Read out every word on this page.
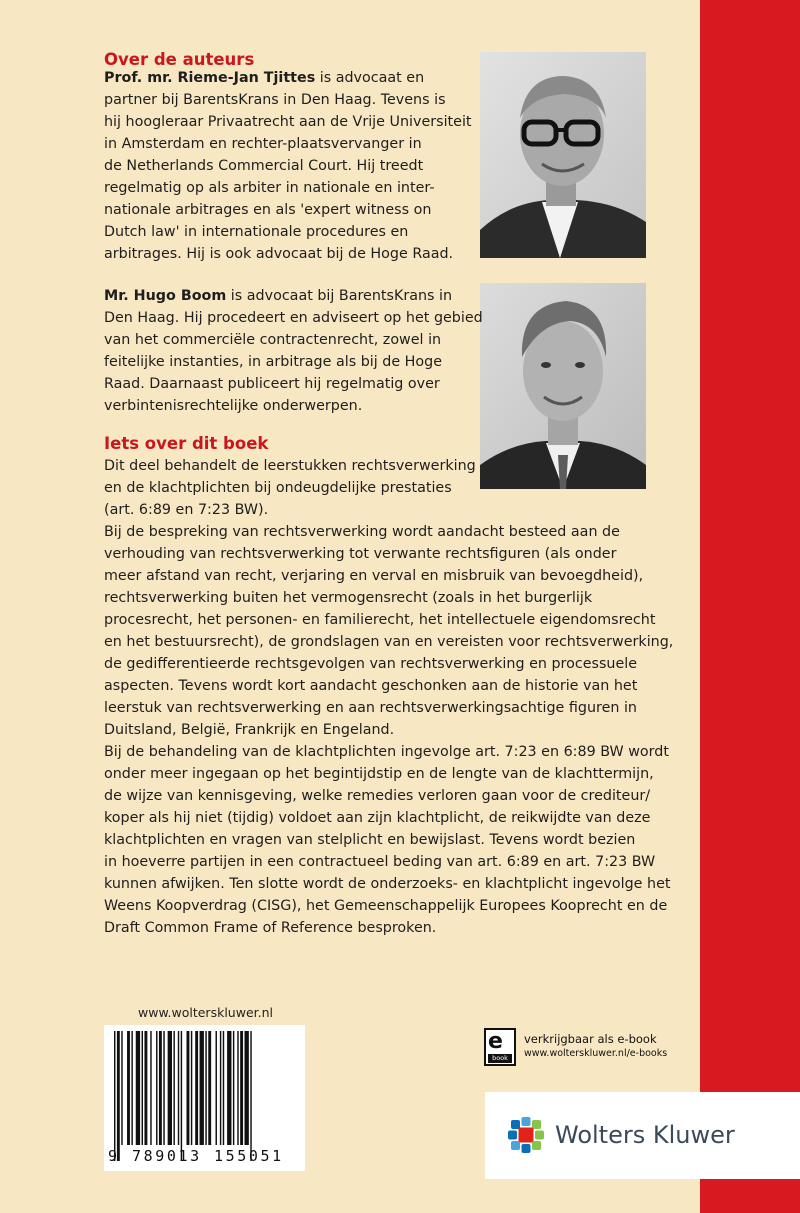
Over de auteurs
Prof. mr. Rieme-Jan Tjittes is advocaat en
partner bij BarentsKrans in Den Haag. Tevens is
hij hoogleraar Privaatrecht aan de Vrije Universiteit
in Amsterdam en rechter-plaatsvervanger in
de Netherlands Commercial Court. Hij treedt
regelmatig op als arbiter in nationale en inter-
nationale arbitrages en als 'expert witness on
Dutch law' in internationale procedures en
arbitrages. Hij is ook advocaat bij de Hoge Raad.
Mr. Hugo Boom is advocaat bij BarentsKrans in
Den Haag. Hij procedeert en adviseert op het gebied
van het commerciële contractenrecht, zowel in
feitelijke instanties, in arbitrage als bij de Hoge
Raad. Daarnaast publiceert hij regelmatig over
verbintenisrechtelijke onderwerpen.
Iets over dit boek
Dit deel behandelt de leerstukken rechtsverwerking
en de klachtplichten bij ondeugdelijke prestaties
(art. 6:89 en 7:23 BW).
Bij de bespreking van rechtsverwerking wordt aandacht besteed aan de
verhouding van rechtsverwerking tot verwante rechtsfiguren (als onder
meer afstand van recht, verjaring en verval en misbruik van bevoegdheid),
rechtsverwerking buiten het vermogensrecht (zoals in het burgerlijk
procesrecht, het personen- en familierecht, het intellectuele eigendomsrecht
en het bestuursrecht), de grondslagen van en vereisten voor rechtsverwerking,
de gedifferentieerde rechtsgevolgen van rechtsverwerking en processuele
aspecten. Tevens wordt kort aandacht geschonken aan de historie van het
leerstuk van rechtsverwerking en aan rechtsverwerkingsachtige figuren in
Duitsland, België, Frankrijk en Engeland.
Bij de behandeling van de klachtplichten ingevolge art. 7:23 en 6:89 BW wordt
onder meer ingegaan op het begintijdstip en de lengte van de klachttermijn,
de wijze van kennisgeving, welke remedies verloren gaan voor de crediteur/
koper als hij niet (tijdig) voldoet aan zijn klachtplicht, de reikwijdte van deze
klachtplichten en vragen van stelplicht en bewijslast. Tevens wordt bezien
in hoeverre partijen in een contractueel beding van art. 6:89 en art. 7:23 BW
kunnen afwijken. Ten slotte wordt de onderzoeks- en klachtplicht ingevolge het
Weens Koopverdrag (CISG), het Gemeenschappelijk Europees Kooprecht en de
Draft Common Frame of Reference besproken.
www.wolterskluwer.nl
9 789013 155051
e
book
verkrijgbaar als e-book
www.wolterskluwer.nl/e-books
Wolters Kluwer
